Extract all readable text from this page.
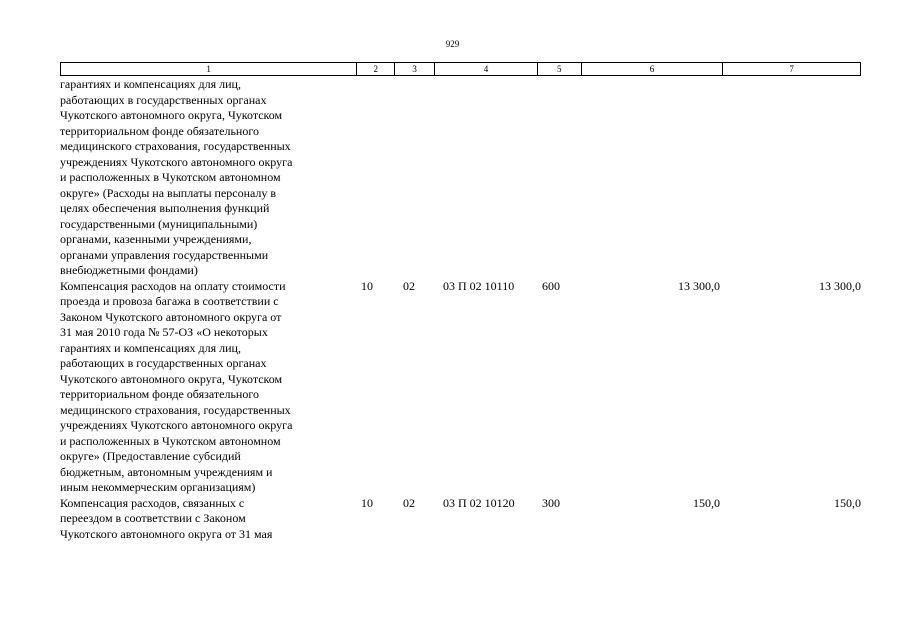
929
1	2	3	4	5	6	7
гарантиях и компенсациях для лиц,
работающих в государственных органах
Чукотского автономного округа, Чукотском
территориальном фонде обязательного
медицинского страхования, государственных
учреждениях Чукотского автономного округа
и расположенных в Чукотском автономном
округе» (Расходы на выплаты персоналу в
целях обеспечения выполнения функций
государственными (муниципальными)
органами, казенными учреждениями,
органами управления государственными
внебюджетными фондами)
Компенсация расходов на оплату стоимости
проезда и провоза багажа в соответствии с
Законом Чукотского автономного округа от
31 мая 2010 года № 57-ОЗ «О некоторых
гарантиях и компенсациях для лиц,
работающих в государственных органах
Чукотского автономного округа, Чукотском
территориальном фонде обязательного
медицинского страхования, государственных
учреждениях Чукотского автономного округа
и расположенных в Чукотском автономном
округе» (Предоставление субсидий
бюджетным, автономным учреждениям и
иным некоммерческим организациям)
10	02	03 П 02 10110	600	13 300,0	13 300,0
Компенсация расходов, связанных с
переездом в соответствии с Законом
Чукотского автономного округа от 31 мая
10	02	03 П 02 10120	300	150,0	150,0
